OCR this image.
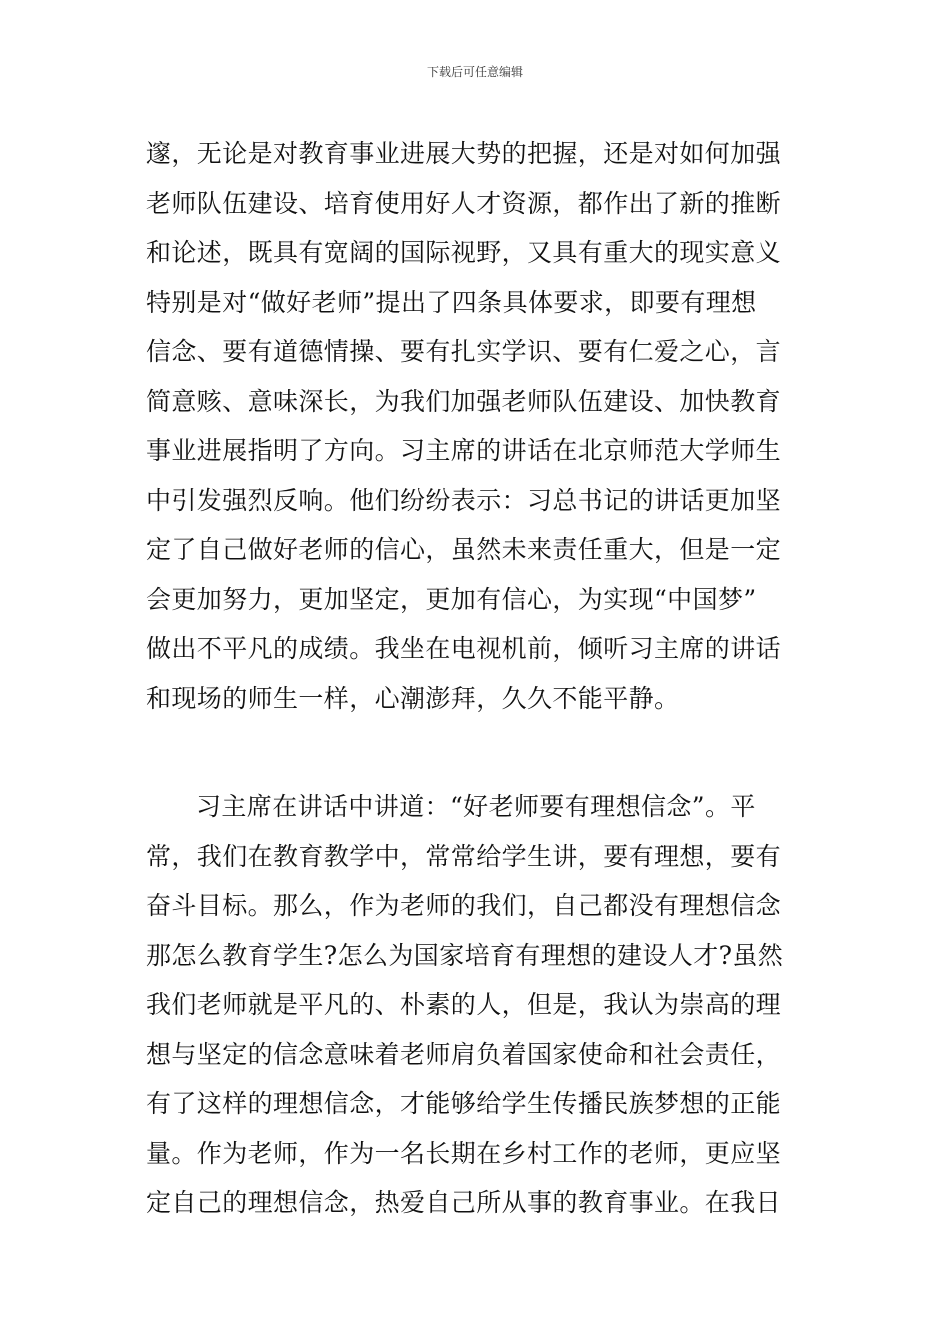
下载后可任意编辑
邃，无论是对教育事业进展大势的把握，还是对如何加强
老师队伍建设、培育使用好人才资源，都作出了新的推断
和论述，既具有宽阔的国际视野，又具有重大的现实意义
特别是对“做好老师”提出了四条具体要求，即要有理想
信念、要有道德情操、要有扎实学识、要有仁爱之心，言
简意赅、意味深长，为我们加强老师队伍建设、加快教育
事业进展指明了方向。习主席的讲话在北京师范大学师生
中引发强烈反响。他们纷纷表示：习总书记的讲话更加坚
定了自己做好老师的信心，虽然未来责任重大，但是一定
会更加努力，更加坚定，更加有信心，为实现“中国梦”
做出不平凡的成绩。我坐在电视机前，倾听习主席的讲话
和现场的师生一样，心潮澎拜，久久不能平静。
习主席在讲话中讲道：“好老师要有理想信念”。平
常，我们在教育教学中，常常给学生讲，要有理想，要有
奋斗目标。那么，作为老师的我们，自己都没有理想信念
那怎么教育学生?怎么为国家培育有理想的建设人才?虽然
我们老师就是平凡的、朴素的人，但是，我认为崇高的理
想与坚定的信念意味着老师肩负着国家使命和社会责任，
有了这样的理想信念，才能够给学生传播民族梦想的正能
量。作为老师，作为一名长期在乡村工作的老师，更应坚
定自己的理想信念，热爱自己所从事的教育事业。在我日
